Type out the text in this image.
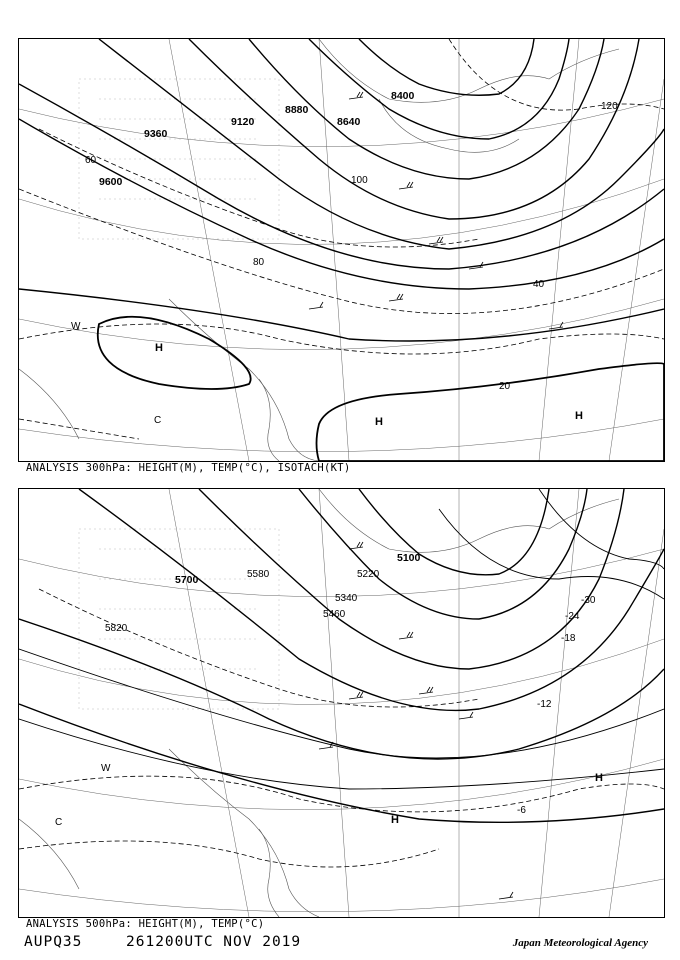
9600
9360
9120
8880
8640
8400
60
80
100
120
40
20
H
H	H
W
C
ANALYSIS 300hPa: HEIGHT(M), TEMP(°C), ISOTACH(KT)
5820
5700	5580
5460
5340
5220
5100
-30
-24
-18
-12
-6
H
H
W
C
ANALYSIS 500hPa: HEIGHT(M), TEMP(°C)
AUPQ35	261200UTC NOV 2019	Japan Meteorological Agency
